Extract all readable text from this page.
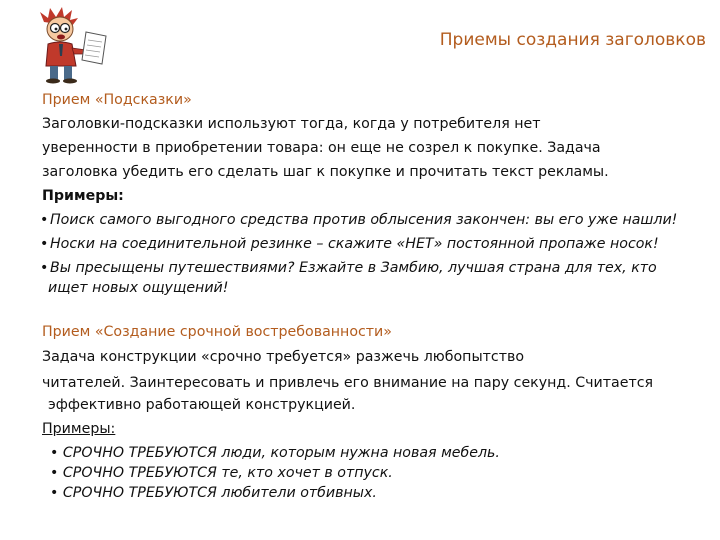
Приемы создания заголовков
Прием «Подсказки»
Заголовки-подсказки используют тогда, когда у потребителя нет
уверенности в приобретении товара: он еще не созрел к покупке. Задача
заголовка убедить его сделать шаг к покупке и прочитать текст рекламы.
Примеры:
• Поиск самого выгодного средства против облысения закончен: вы его уже нашли!
• Носки на соединительной резинке – скажите «НЕТ» постоянной пропаже носок!
• Вы пресыщены путешествиями? Езжайте в Замбию, лучшая страна для тех, кто
ищет новых ощущений!
Прием «Создание срочной востребованности»
Задача конструкции «срочно требуется» разжечь любопытство
читателей. Заинтересовать и привлечь его внимание на пару секунд. Считается
эффективно работающей конструкцией.
Примеры:
• СРОЧНО ТРЕБУЮТСЯ люди, которым нужна новая мебель.
• СРОЧНО ТРЕБУЮТСЯ те, кто хочет в отпуск.
• СРОЧНО ТРЕБУЮТСЯ любители отбивных.
